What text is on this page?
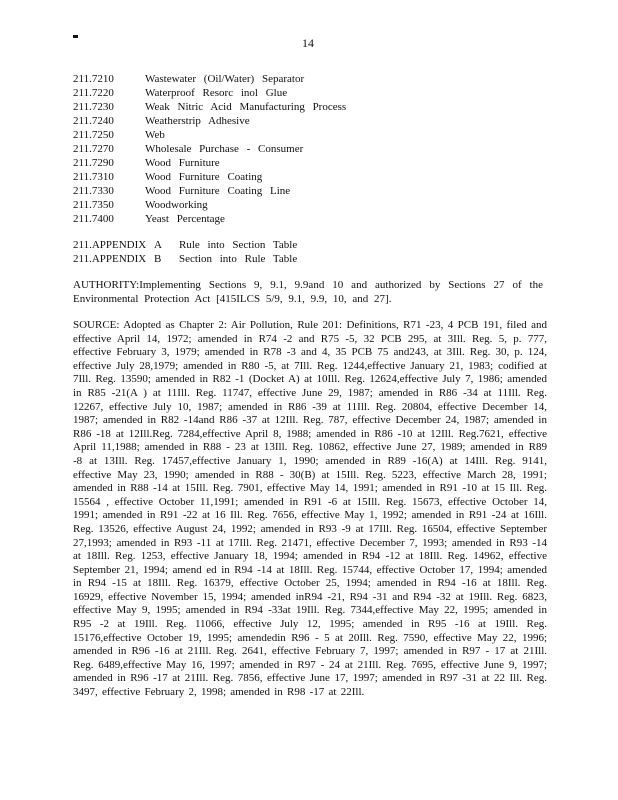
14
211.7210	Wastewater (Oil/Water) Separator
211.7220	Waterproof Resorc inol Glue
211.7230	Weak Nitric Acid Manufacturing Process
211.7240	Weatherstrip Adhesive
211.7250	Web
211.7270	Wholesale Purchase - Consumer
211.7290	Wood Furniture
211.7310	Wood Furniture Coating
211.7330	Wood Furniture Coating Line
211.7350	Woodworking
211.7400	Yeast Percentage
211.APPENDIX A Rule into Section Table
211.APPENDIX B Section into Rule Table
AUTHORITY:Implementing Sections 9, 9.1, 9.9and 10 and authorized by Sections 27 of the Environmental Protection Act [415ILCS 5/9, 9.1, 9.9, 10, and 27].

SOURCE: Adopted as Chapter 2: Air Pollution, Rule 201: Definitions, R71 -23, 4 PCB 191, filed and effective April 14, 1972; amended in R74 -2 and R75 -5, 32 PCB 295, at 3Ill. Reg. 5, p. 777, effective February 3, 1979; amended in R78 -3 and 4, 35 PCB 75 and243, at 3Ill. Reg. 30, p. 124, effective July 28,1979; amended in R80 -5, at 7Ill. Reg. 1244,effective January 21, 1983; codified at 7Ill. Reg. 13590; amended in R82 -1 (Docket A) at 10Ill. Reg. 12624,effective July 7, 1986; amended in R85 -21(A ) at 11Ill. Reg. 11747, effective June 29, 1987; amended in R86 -34 at 11Ill. Reg. 12267, effective July 10, 1987; amended in R86 -39 at 11Ill. Reg. 20804, effective December 14, 1987; amended in R82 -14and R86 -37 at 12Ill. Reg. 787, effective December 24, 1987; amended in R86 -18 at 12Ill.Reg. 7284,effective April 8, 1988; amended in R86 -10 at 12Ill. Reg.7621, effective April 11,1988; amended in R88 - 23 at 13Ill. Reg. 10862, effective June 27, 1989; amended in R89 -8 at 13Ill. Reg. 17457,effective January 1, 1990; amended in R89 -16(A) at 14Ill. Reg. 9141, effective May 23, 1990; amended in R88 - 30(B) at 15Ill. Reg. 5223, effective March 28, 1991; amended in R88 -14 at 15Ill. Reg. 7901, effective May 14, 1991; amended in R91 -10 at 15 Ill. Reg. 15564 , effective October 11,1991; amended in R91 -6 at 15Ill. Reg. 15673, effective October 14, 1991; amended in R91 -22 at 16 Ill. Reg. 7656, effective May 1, 1992; amended in R91 -24 at 16Ill. Reg. 13526, effective August 24, 1992; amended in R93 -9 at 17Ill. Reg. 16504, effective September 27,1993; amended in R93 -11 at 17Ill. Reg. 21471, effective December 7, 1993; amended in R93 -14 at 18Ill. Reg. 1253, effective January 18, 1994; amended in R94 -12 at 18Ill. Reg. 14962, effective September 21, 1994; amend ed in R94 -14 at 18Ill. Reg. 15744, effective October 17, 1994; amended in R94 -15 at 18Ill. Reg. 16379, effective October 25, 1994; amended in R94 -16 at 18Ill. Reg. 16929, effective November 15, 1994; amended inR94 -21, R94 -31 and R94 -32 at 19Ill. Reg. 6823, effective May 9, 1995; amended in R94 -33at 19Ill. Reg. 7344,effective May 22, 1995; amended in R95 -2 at 19Ill. Reg. 11066, effective July 12, 1995; amended in R95 -16 at 19Ill. Reg. 15176,effective October 19, 1995; amendedin R96 - 5 at 20Ill. Reg. 7590, effective May 22, 1996; amended in R96 -16 at 21Ill. Reg. 2641, effective February 7, 1997; amended in R97 - 17 at 21Ill. Reg. 6489,effective May 16, 1997; amended in R97 - 24 at 21Ill. Reg. 7695, effective June 9, 1997; amended in R96 -17 at 21Ill. Reg. 7856, effective June 17, 1997; amended in R97 -31 at 22 Ill. Reg. 3497, effective February 2, 1998; amended in R98 -17 at 22Ill.
